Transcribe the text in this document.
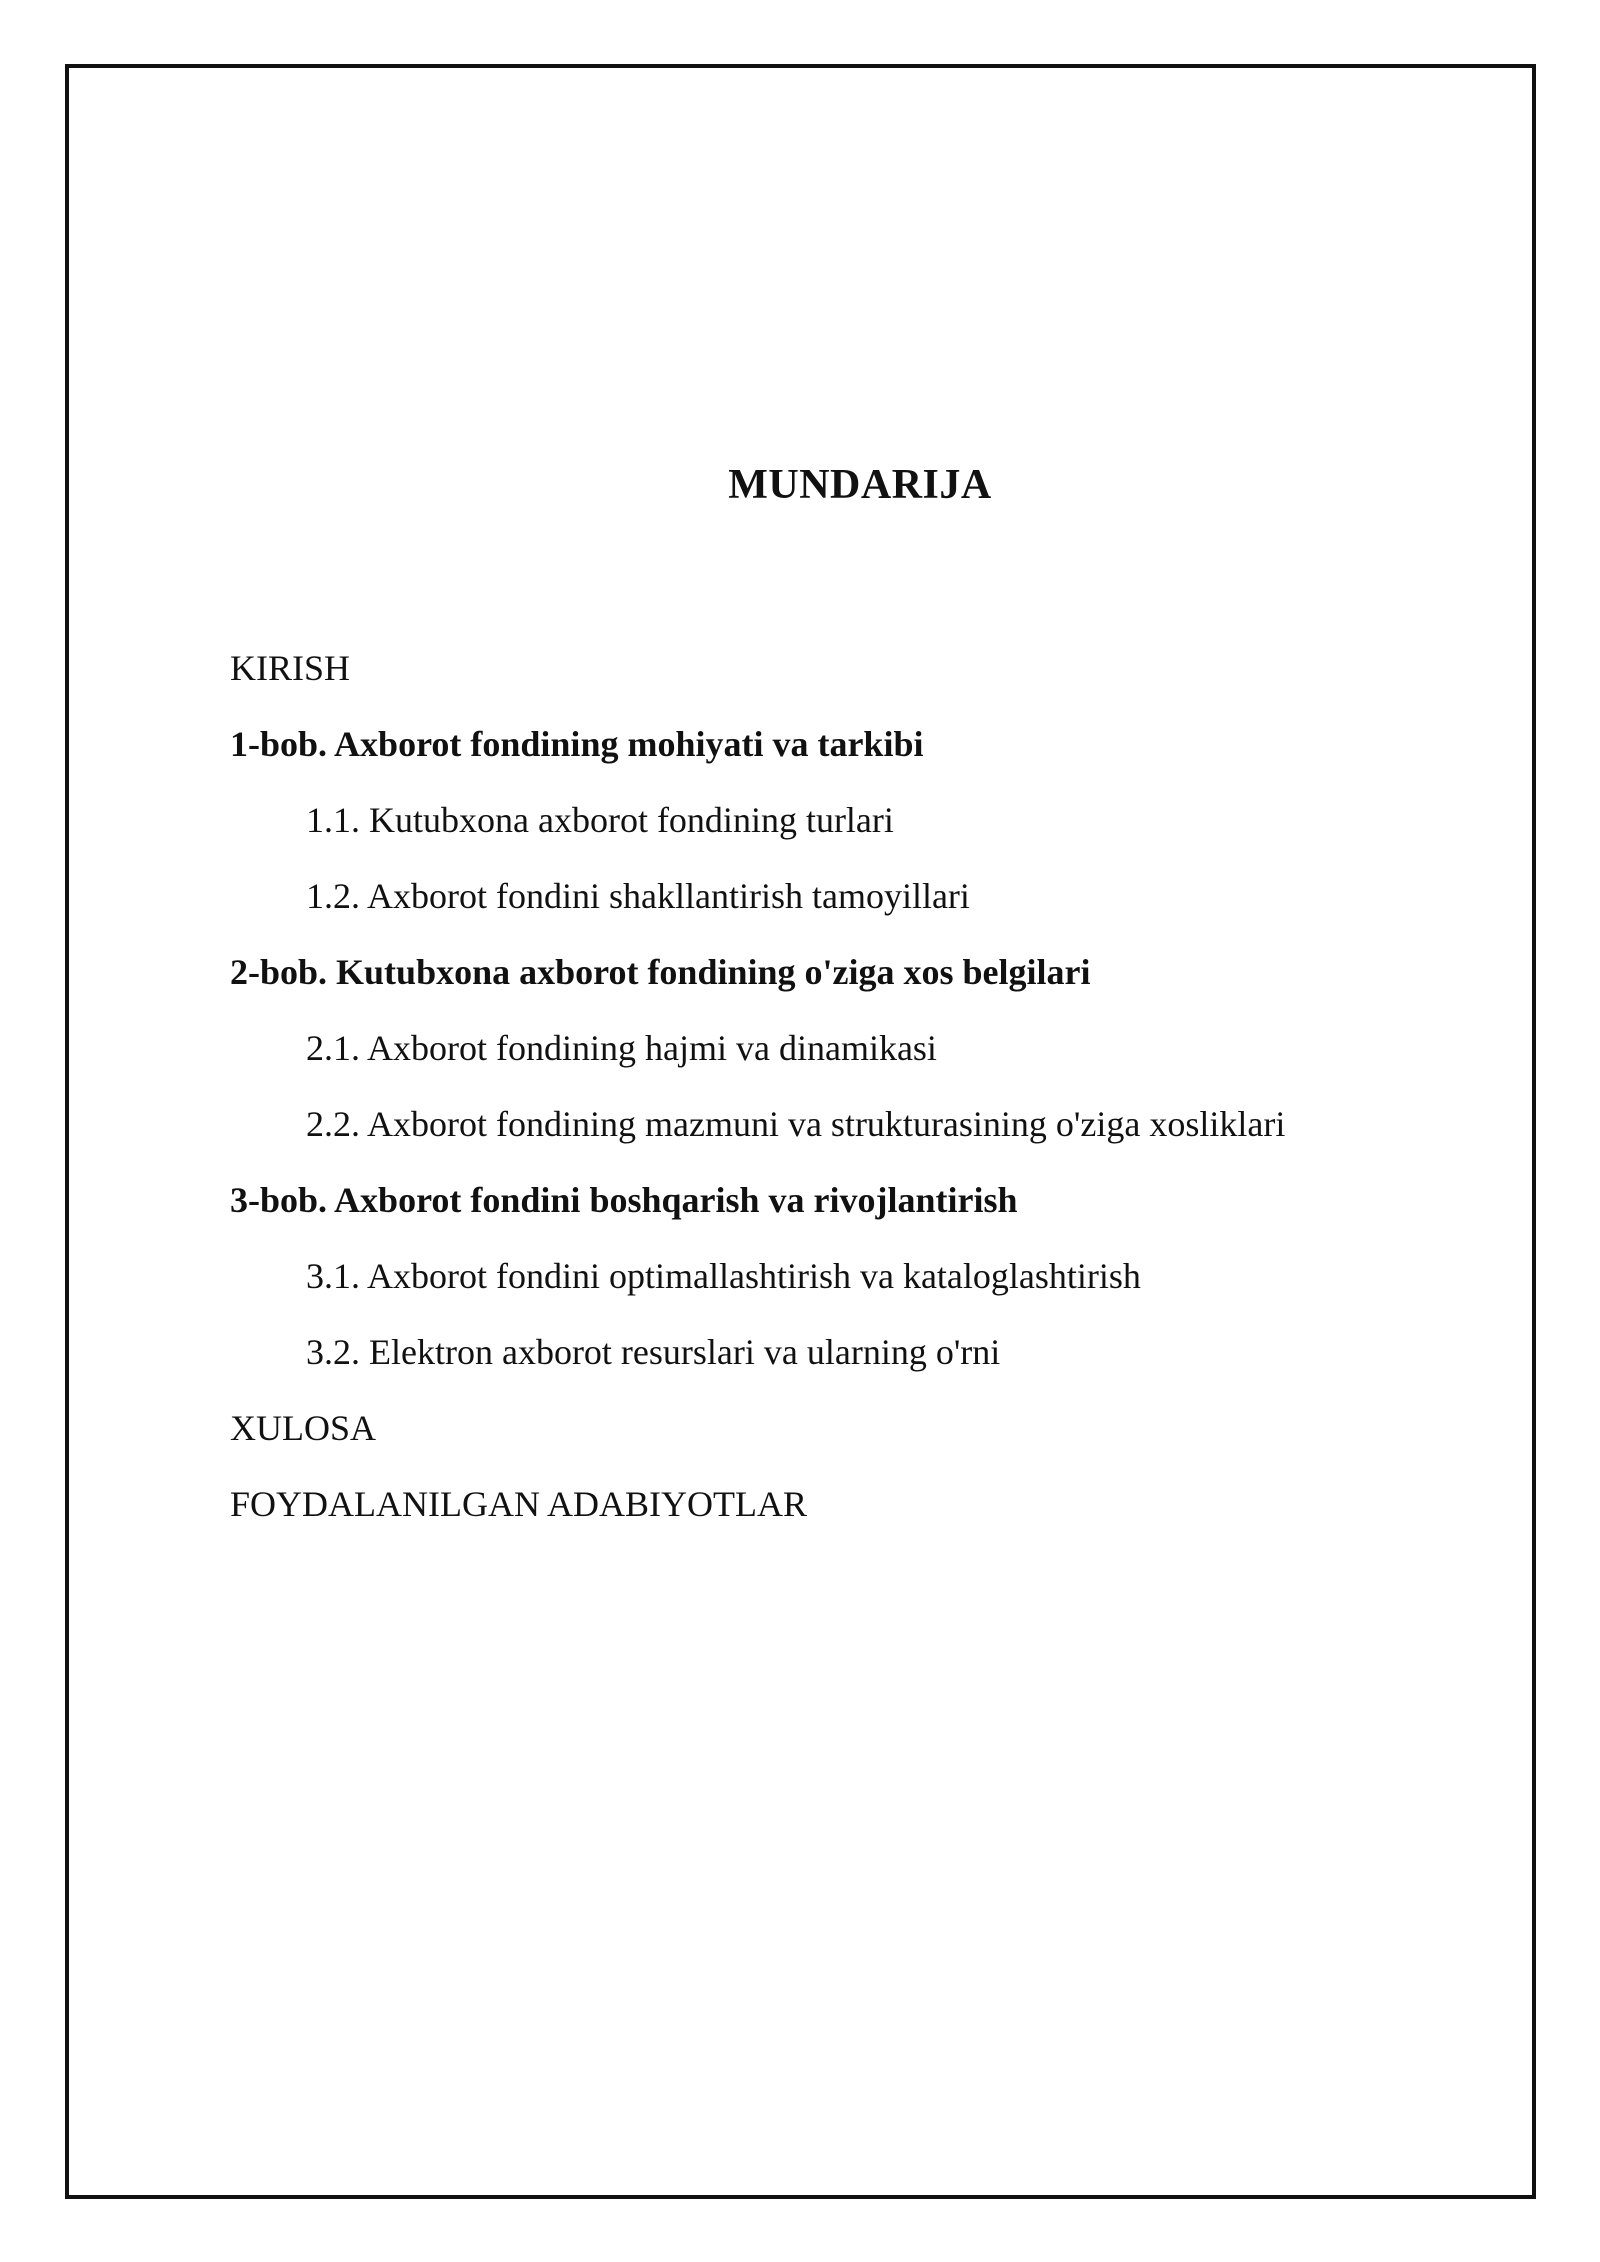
MUNDARIJA
KIRISH
1-bob. Axborot fondining mohiyati va tarkibi
1.1. Kutubxona axborot fondining turlari
1.2. Axborot fondini shakllantirish tamoyillari
2-bob. Kutubxona axborot fondining o'ziga xos belgilari
2.1. Axborot fondining hajmi va dinamikasi
2.2. Axborot fondining mazmuni va strukturasining o'ziga xosliklari
3-bob. Axborot fondini boshqarish va rivojlantirish
3.1. Axborot fondini optimallashtirish va kataloglashtirish
3.2. Elektron axborot resurslari va ularning o'rni
XULOSA
FOYDALANILGAN ADABIYOTLAR
